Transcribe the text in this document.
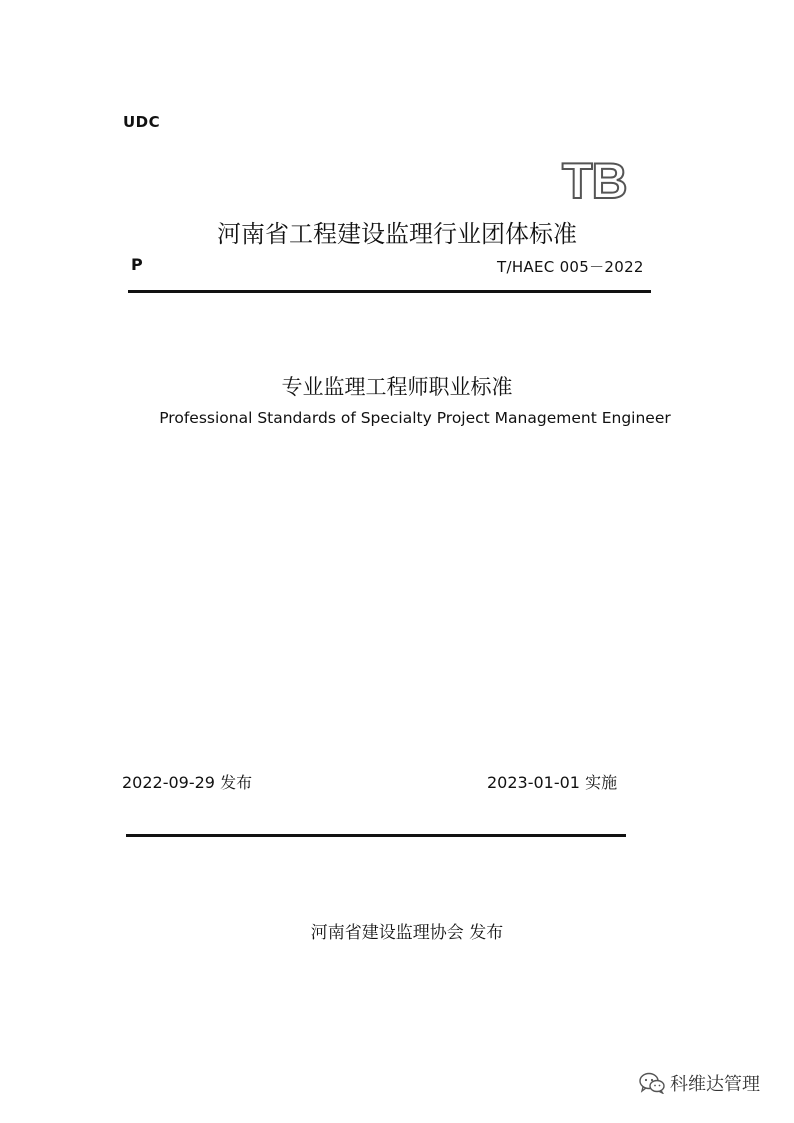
UDC
TB
河南省工程建设监理行业团体标准
P	T/HAEC 005－2022
专业监理工程师职业标准
Professional Standards of Specialty Project Management Engineer
2022-09-29 发布	2023-01-01 实施
河南省建设监理协会 发布
科维达管理
